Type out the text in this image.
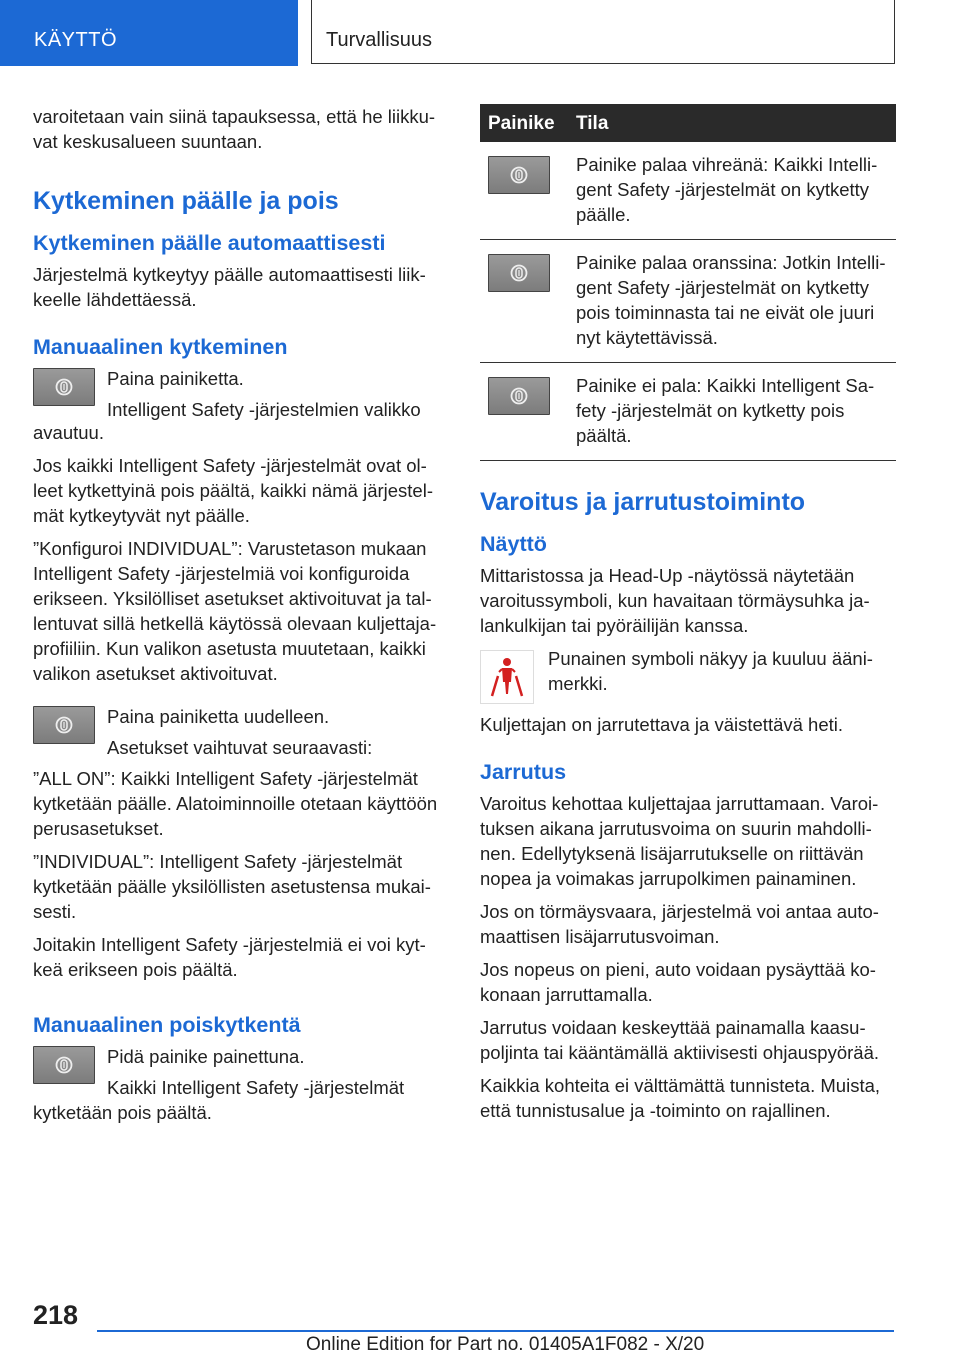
KÄYTTÖ	Turvallisuus

varoitetaan vain siinä tapauksessa, että he liikku-vat keskusalueen suuntaan.

Kytkeminen päälle ja pois
Kytkeminen päälle automaattisesti

Järjestelmä kytkeytyy päälle automaattisesti liik-keelle lähdettäessä.

Manuaalinen kytkeminen

Paina painiketta.

Intelligent Safety -järjestelmien valikko

avautuu.

Jos kaikki Intelligent Safety -järjestelmät ovat ol-leet kytkettyinä pois päältä, kaikki nämä järjestel-mät kytkeytyvät nyt päälle.

”Konfiguroi INDIVIDUAL”: Varustetason mukaan Intelligent Safety -järjestelmiä voi konfiguroida erikseen. Yksilölliset asetukset aktivoituvat ja tal-lentuvat sillä hetkellä käytössä olevaan kuljettaja-profiiliin. Kun valikon asetusta muutetaan, kaikki valikon asetukset aktivoituvat.

Paina painiketta uudelleen.

Asetukset vaihtuvat seuraavasti:

”ALL ON”: Kaikki Intelligent Safety -järjestelmät kytketään päälle. Alatoiminnoille otetaan käyttöön perusasetukset.

”INDIVIDUAL”: Intelligent Safety -järjestelmät kytketään päälle yksilöllisten asetustensa mukai-sesti.

Joitakin Intelligent Safety -järjestelmiä ei voi kyt-keä erikseen pois päältä.

Manuaalinen poiskytkentä

Pidä painike painettuna.

Kaikki Intelligent Safety -järjestelmät

kytketään pois päältä.

Painike	Tila

	Painike palaa vihreänä: Kaikki Intelli-gent Safety -järjestelmät on kytketty päälle.

	Painike palaa oranssina: Jotkin Intelli-gent Safety -järjestelmät on kytketty pois toiminnasta tai ne eivät ole juuri nyt käytettävissä.

	Painike ei pala: Kaikki Intelligent Sa-fety -järjestelmät on kytketty pois päältä.
Varoitus ja jarrutustoiminto
Näyttö

Mittaristossa ja Head-Up -näytössä näytetään varoitussymboli, kun havaitaan törmäysuhka ja-lankulkijan tai pyöräilijän kanssa.

Punainen symboli näkyy ja kuuluu ääni-merkki.

Kuljettajan on jarrutettava ja väistettävä heti.

Jarrutus

Varoitus kehottaa kuljettajaa jarruttamaan. Varoi-tuksen aikana jarrutusvoima on suurin mahdolli-nen. Edellytyksenä lisäjarrutukselle on riittävän nopea ja voimakas jarrupolkimen painaminen.

Jos on törmäysvaara, järjestelmä voi antaa auto-maattisen lisäjarrutusvoiman.

Jos nopeus on pieni, auto voidaan pysäyttää ko-konaan jarruttamalla.

Jarrutus voidaan keskeyttää painamalla kaasu-poljinta tai kääntämällä aktiivisesti ohjauspyörää.

Kaikkia kohteita ei välttämättä tunnisteta. Muista, että tunnistusalue ja -toiminto on rajallinen.

218
Online Edition for Part no. 01405A1F082 - X/20
